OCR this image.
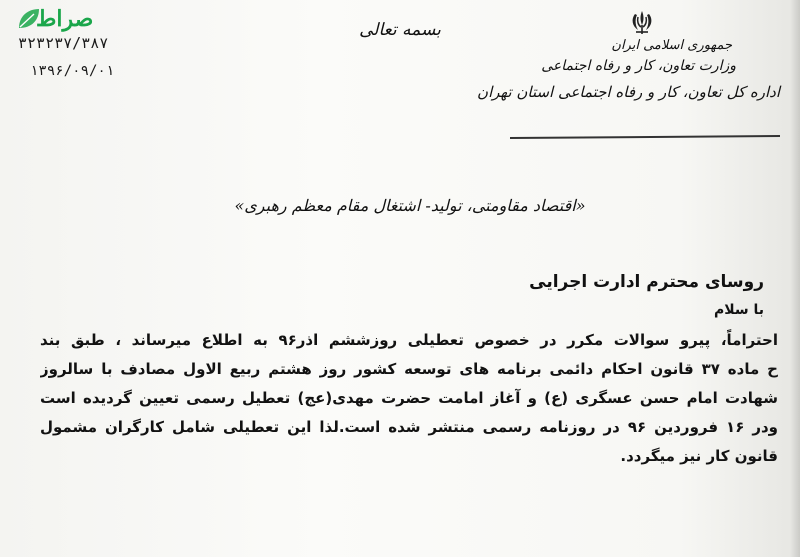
صراط
۳۲۳۲۳۷/۳۸۷
۱۳۹۶/۰۹/۰۱
بسمه تعالی
جمهوری اسلامی ایران
وزارت تعاون، کار و رفاه اجتماعی
اداره کل تعاون، کار و رفاه اجتماعی استان تهران
«اقتصاد مقاومتی، تولید- اشتغال مقام معظم رهبری»
روسای محترم ادارت اجرایی
با سلام
احتراماً، پیرو سوالات مکرر در خصوص تعطیلی روزششم اذر۹۶ به اطلاع میرساند ، طبق بند
ح ماده ۳۷ قانون احکام دائمی برنامه های توسعه کشور روز هشتم ربیع الاول مصادف با سالروز
شهادت امام حسن عسگری (ع) و آغاز امامت حضرت مهدی(عج) تعطیل رسمی تعیین گردیده است
ودر ۱۶ فروردین ۹۶ در روزنامه رسمی منتشر شده است.لذا این تعطیلی شامل کارگران مشمول
قانون کار نیز میگردد.
